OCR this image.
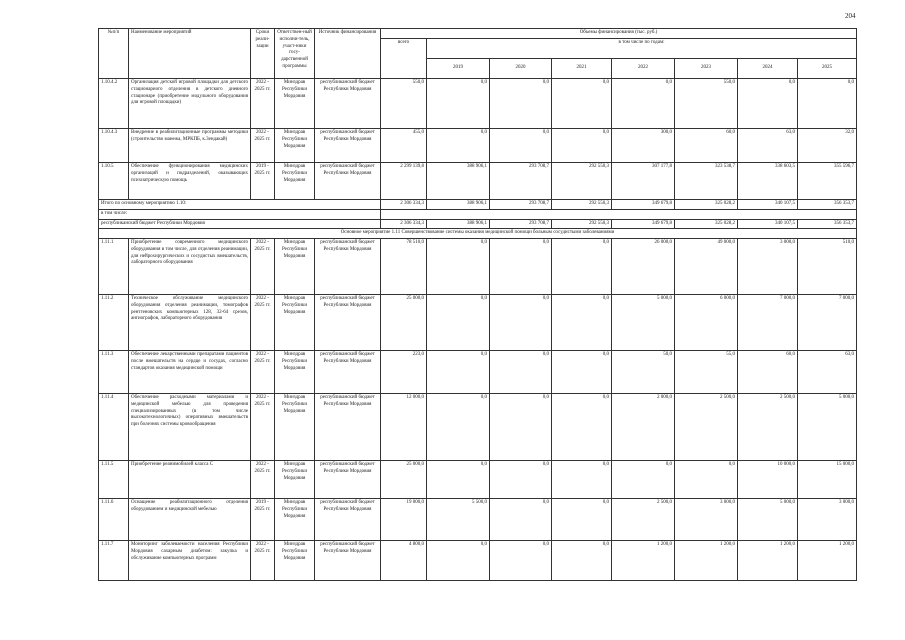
204
№п/п	Наименование мероприятий	Сроки реали-зации	Ответствен-ный исполни-тель, участ-ники госу-дарственной программы	Источник финансирования	Объемы финансирования (тыс. руб.)							
					всего	в том числе по годам:						
						2019	2020	2021	2022	2023	2024	2025
1.10.4.2	Организация детской игровой площадки для детского стационарного отделения в детского дневного стационаре (приобретение модульного оборудования для игровой площадки)	2022 - 2025 гг.	Минздрав Республики Мордовия	республиканский бюджет Республики Мордовия	550,0	0,0	0,0	0,0	0,0	550,0	0,0	0,0
1.10.4.3	Внедрение в реабилитационные программы методики (строительство манежа, МРКПБ, к.3ендакай)	2022 - 2025 гг.	Минздрав Республики Мордовия	республиканский бюджет Республики Мордовия	455,0	0,0	0,0	0,0	300,0	60,0	63,0	32,0
1.10.5	Обеспечение функционирования медицинских организаций и подразделений, оказывающих психиатрическую помощь	2019 - 2025 гг.	Минздрав Республики Мордовия	республиканский бюджет Республики Мордовия	2 299 139,8	388 906,1	293 708,7	292 550,3	307 177,8	323 538,7	338 603,5	355 596,7
Итого по основному мероприятию 1.10:					2 306 334,3	388 906,1	293 708,7	292 550,3	349 679,8	325 028,2	340 107,5	356 353,7
в том числе:												
республиканский бюджет Республики Мордовия					2 306 334,3	388 906,1	293 708,7	292 550,3	349 679,8	325 028,2	340 107,5	356 353,7
Основное мероприятие 1.11 Совершенствование системы оказания медицинской помощи больным сосудистыми заболеваниями												
1.11.1	Приобретение современного медицинского оборудования в том числе, для отделения реанимации, для нейрохирургических и сосудистых вмешательств, лабораторного оборудования	2022 - 2025 гг.	Минздрав Республики Мордовия	республиканский бюджет Республики Мордовия	78 510,0	0,0	0,0	0,0	26 000,0	49 000,0	3 000,0	510,0
1.11.2	Техническое обслуживание медицинского оборудования отделения реанимации, томографов рентгеновских компьютерных 128, 32-64 срезов, ангиографов, лабораторного оборудования	2022 - 2025 гг.	Минздрав Республики Мордовия	республиканский бюджет Республики Мордовия	25 000,0	0,0	0,0	0,0	5 000,0	6 000,0	7 000,0	7 000,0
1.11.3	Обеспечение лекарственными препаратами пациентов после вмешательств на сердце и сосудах, согласно стандартов оказания медицинской помощи	2022 - 2025 гг.	Минздрав Республики Мордовия	республиканский бюджет Республики Мордовия	223,0	0,0	0,0	0,0	50,0	55,0	60,0	63,0
1.11.4	Обеспечение расходными материалами и медицинской мебелью для проведения специализированных (в том числе высокотехнологичных) оперативных вмешательств при болезнях системы кровообращения	2022 - 2025 гг.	Минздрав Республики Мордовия	республиканский бюджет Республики Мордовия	12 000,0	0,0	0,0	0,0	2 000,0	2 500,0	2 500,0	5 000,0
1.11.5	Приобретение реанимобилей класса С	2022 - 2025 гг.	Минздрав Республики Мордовия	республиканский бюджет Республики Мордовия	25 000,0	0,0	0,0	0,0	0,0	0,0	10 000,0	15 000,0
1.11.6	Оснащение реабилитационного отделения оборудованием и медицинской мебелью	2019 - 2025 гг.	Минздрав Республики Мордовия	республиканский бюджет Республики Мордовия	19 000,0	5 500,0	0,0	0,0	2 500,0	3 000,0	5 000,0	3 000,0
1.11.7	Мониторинг заболеваемости населения Республики Мордовия сахарным диабетом: закупка и обслуживание компьютерных программ	2022 - 2025 гг.	Минздрав Республики Мордовия	республиканский бюджет Республики Мордовия	4 800,0	0,0	0,0	0,0	1 200,0	1 200,0	1 200,0	1 200,0
